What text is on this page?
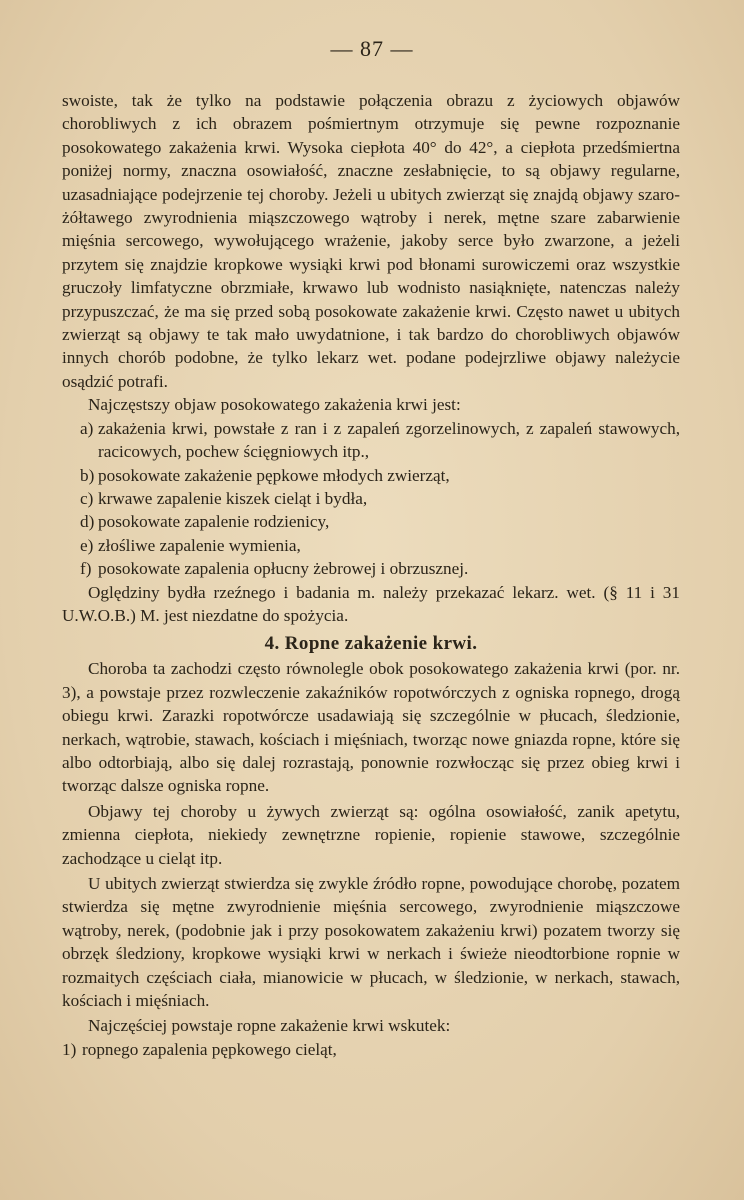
— 87 —

swoiste, tak że tylko na podstawie połączenia obrazu z życiowych objawów chorobliwych z ich obrazem pośmiertnym otrzymuje się pewne rozpoznanie posokowatego zakażenia krwi. Wysoka ciepłota 40° do 42°, a ciepłota przedśmiertna poniżej normy, znaczna osowiałość, znaczne zesłabnięcie, to są objawy regularne, uzasadniające podejrzenie tej choroby. Jeżeli u ubitych zwierząt się znajdą objawy szaro-żółtawego zwyrodnienia miąszczowego wątroby i nerek, mętne szare zabarwienie mięśnia sercowego, wywołującego wrażenie, jakoby serce było zwarzone, a jeżeli przytem się znajdzie kropkowe wysiąki krwi pod błonami surowiczemi oraz wszystkie gruczoły limfatyczne obrzmiałe, krwawo lub wodnisto nasiąknięte, natenczas należy przypuszczać, że ma się przed sobą posokowate zakażenie krwi. Często nawet u ubitych zwierząt są objawy te tak mało uwydatnione, i tak bardzo do chorobliwych objawów innych chorób podobne, że tylko lekarz wet. podane podejrzliwe objawy należycie osądzić potrafi.

Najczęstszy objaw posokowatego zakażenia krwi jest:

a) zakażenia krwi, powstałe z ran i z zapaleń zgorzelinowych, z zapaleń stawowych, racicowych, pochew ścięgniowych itp.,
b) posokowate zakażenie pępkowe młodych zwierząt,
c) krwawe zapalenie kiszek cieląt i bydła,
d) posokowate zapalenie rodzienicy,
e) złośliwe zapalenie wymienia,
f) posokowate zapalenia opłucny żebrowej i obrzusznej.

Oględziny bydła rzeźnego i badania m. należy przekazać lekarz. wet. (§ 11 i 31 U.W.O.B.) M. jest niezdatne do spożycia.

4. Ropne zakażenie krwi.

Choroba ta zachodzi często równolegle obok posokowatego zakażenia krwi (por. nr. 3), a powstaje przez rozwleczenie zakaźników ropotwórczych z ogniska ropnego, drogą obiegu krwi. Zarazki ropotwórcze usadawiają się szczególnie w płucach, śledzionie, nerkach, wątrobie, stawach, kościach i mięśniach, tworząc nowe gniazda ropne, które się albo odtorbiają, albo się dalej rozrastają, ponownie rozwłocząc się przez obieg krwi i tworząc dalsze ogniska ropne.

Objawy tej choroby u żywych zwierząt są: ogólna osowiałość, zanik apetytu, zmienna ciepłota, niekiedy zewnętrzne ropienie, ropienie stawowe, szczególnie zachodzące u cieląt itp.

U ubitych zwierząt stwierdza się zwykle źródło ropne, powodujące chorobę, pozatem stwierdza się mętne zwyrodnienie mięśnia sercowego, zwyrodnienie miąszczowe wątroby, nerek, (podobnie jak i przy posokowatem zakażeniu krwi) pozatem tworzy się obrzęk śledziony, kropkowe wysiąki krwi w nerkach i świeże nieodtorbione ropnie w rozmaitych częściach ciała, mianowicie w płucach, w śledzionie, w nerkach, stawach, kościach i mięśniach.

Najczęściej powstaje ropne zakażenie krwi wskutek:

1) ropnego zapalenia pępkowego cieląt,
